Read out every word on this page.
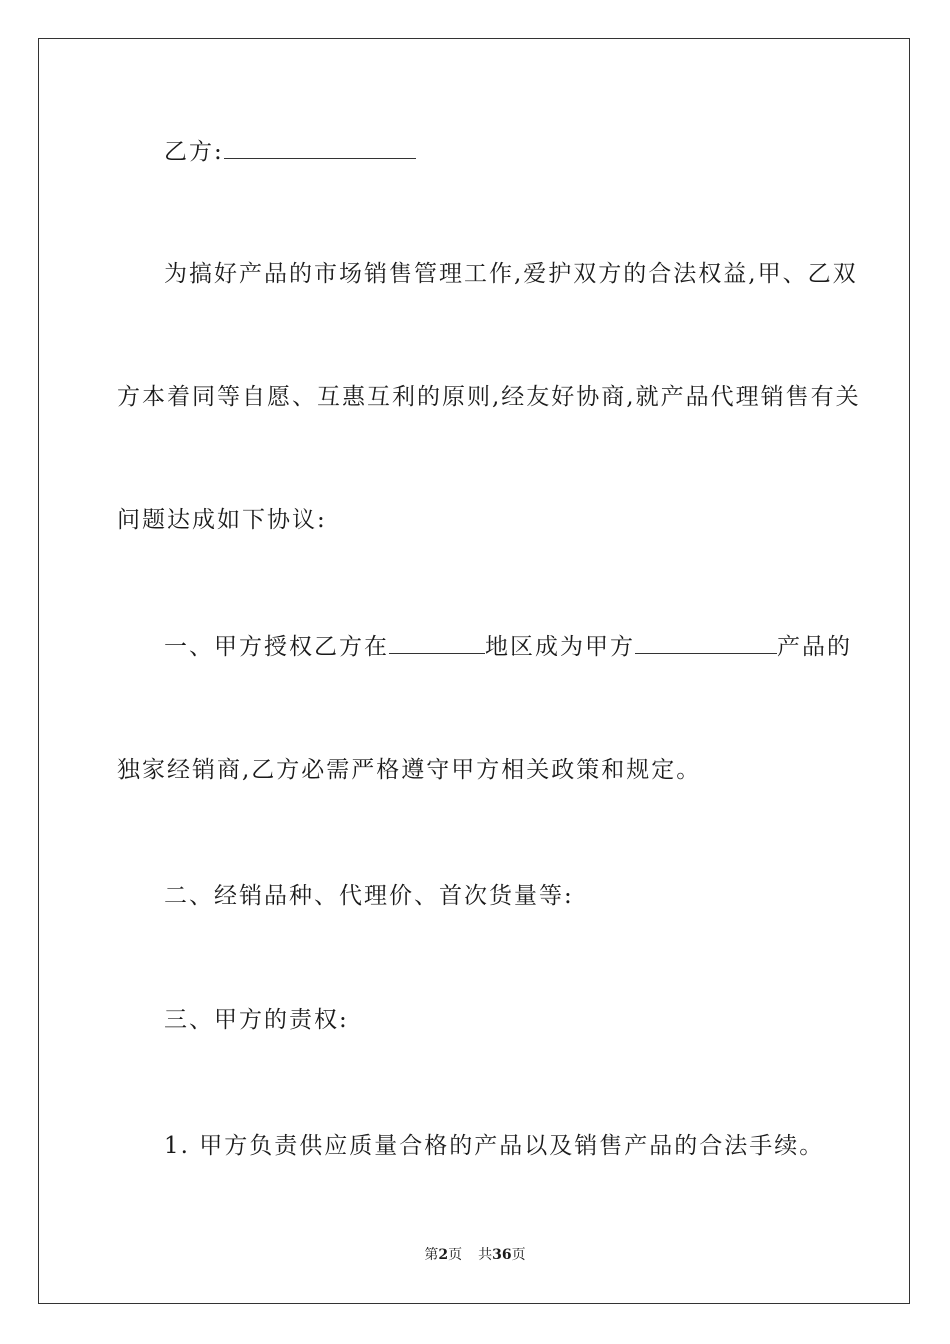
乙方:
为搞好产品的市场销售管理工作,爱护双方的合法权益,甲、乙双
方本着同等自愿、互惠互利的原则,经友好协商,就产品代理销售有关
问题达成如下协议:
一、甲方授权乙方在	地区成为甲方	产品的
独家经销商,乙方必需严格遵守甲方相关政策和规定。
二、经销品种、代理价、首次货量等:
三、甲方的责权:
1. 甲方负责供应质量合格的产品以及销售产品的合法手续。
第2页 共36页
